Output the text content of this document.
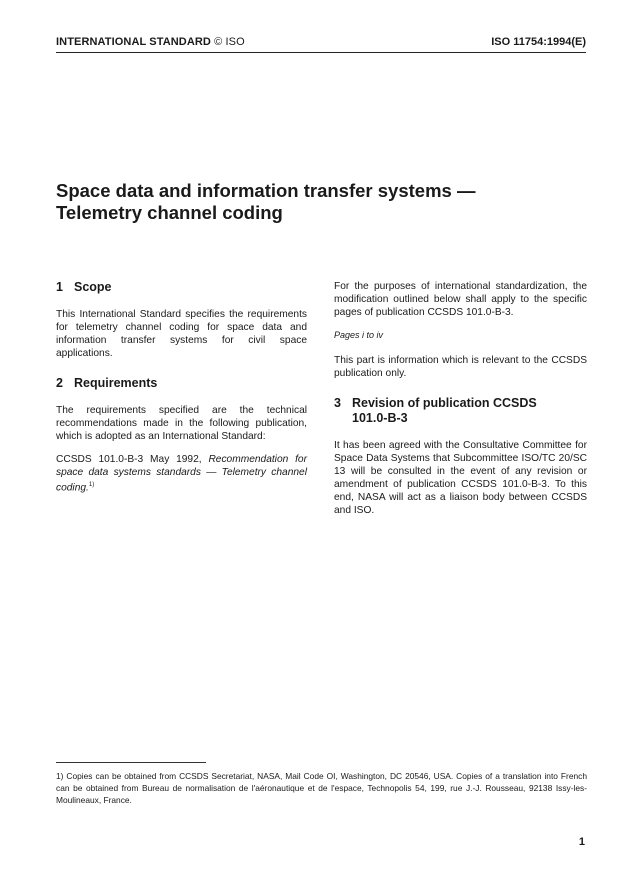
INTERNATIONAL STANDARD © ISO	ISO 11754:1994(E)
Space data and information transfer systems —
Telemetry channel coding
1 Scope

This International Standard specifies the requirements for telemetry channel coding for space data and information transfer systems for civil space applications.

2 Requirements

The requirements specified are the technical recommendations made in the following publication, which is adopted as an International Standard:

CCSDS 101.0-B-3 May 1992, Recommendation for space data systems standards — Telemetry channel coding.$^{1)}$

For the purposes of international standardization, the modification outlined below shall apply to the specific pages of publication CCSDS 101.0-B-3.

Pages i to iv

This part is information which is relevant to the CCSDS publication only.

3 Revision of publication CCSDS
101.0-B-3

It has been agreed with the Consultative Committee for Space Data Systems that Subcommittee ISO/TC 20/SC 13 will be consulted in the event of any revision or amendment of publication CCSDS 101.0-B-3. To this end, NASA will act as a liaison body between CCSDS and ISO.

1) Copies can be obtained from CCSDS Secretariat, NASA, Mail Code OI, Washington, DC 20546, USA. Copies of a translation into French can be obtained from Bureau de normalisation de l'aéronautique et de l'espace, Technopolis 54, 199, rue J.-J. Rousseau, 92138 Issy-les-Moulineaux, France.
1
